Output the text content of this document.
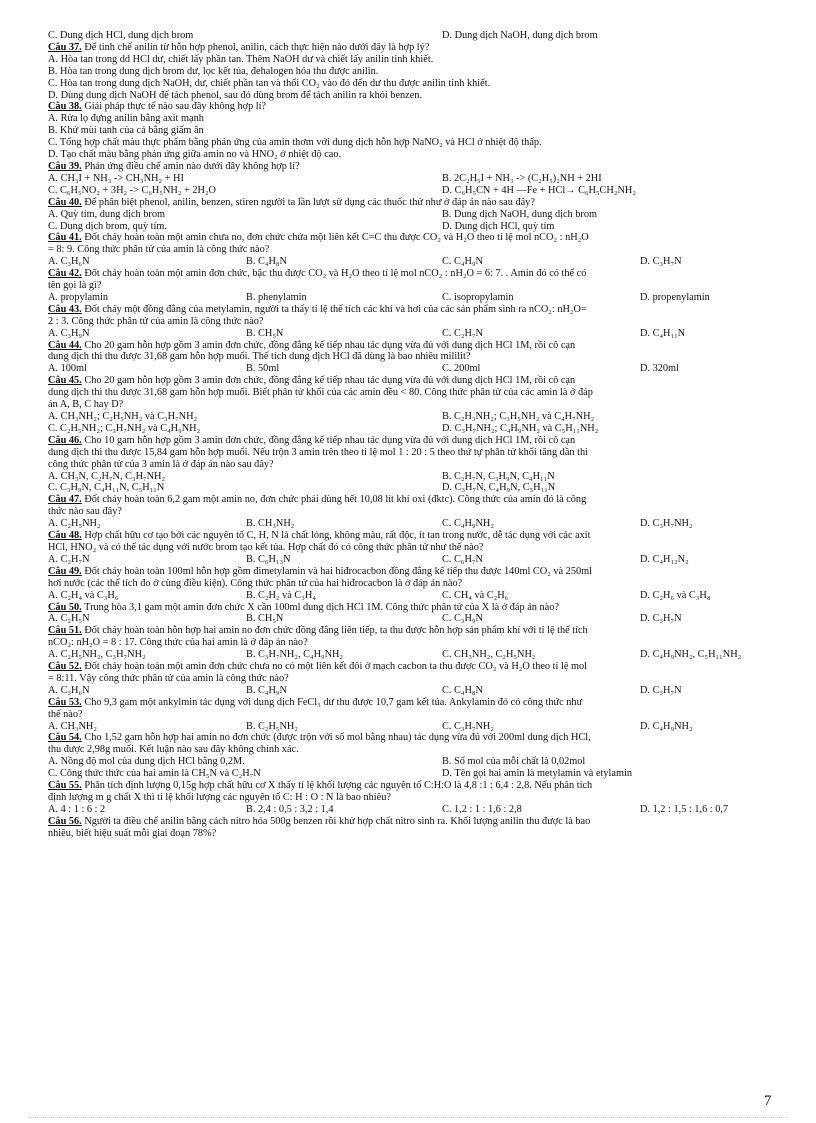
C. Dung dịch HCl, dung dịch brom	D. Dung dịch NaOH, dung dịch brom
Câu 37. Để tinh chế anilin từ hỗn hợp phenol, anilin, cách thực hiện nào dưới đây là hợp lý?
A. Hòa tan trong dd HCl dư, chiết lấy phần tan. Thêm NaOH dư và chiết lấy anilin tinh khiết.
B. Hòa tan trong dung dịch brom dư, lọc kết tủa, đehalogen hóa thu được anilin.
C. Hòa tan trong dung dịch NaOH, dư, chiết phần tan và thổi CO₂ vào đó đến dư thu được anilin tinh khiết.
D. Dùng dung dịch NaOH để tách phenol, sau đó dùng brom để tách anilin ra khỏi benzen.
Câu 38. Giải pháp thực tế nào sau đây không hợp lí?
A. Rửa lọ đựng anilin bằng axit mạnh
B. Khử mùi tanh của cá bằng giấm ăn
C. Tổng hợp chất màu thực phẩm bằng phản ứng của amin thơm với dung dịch hỗn hợp NaNO₂ và HCl ở nhiệt độ thấp.
D. Tạo chất màu bằng phản ứng giữa amin no và HNO₂ ở nhiệt độ cao.
Câu 39. Phản ứng điều chế amin nào dưới đây không hợp lí?
A. CH₃I + NH₃ -> CH₃NH₂ + HI	B. 2C₂H₅I + NH₃ -> (C₂H₅)₂NH + 2HI
C. C₆H₅NO₂ + 3H₂ -> C₆H₅NH₂ + 2H₂O	D. C₆H₅CN + 4H —Fe + HCl→ C₆H₅CH₂NH₂
Câu 40. Để phân biệt phenol, anilin, benzen, stiren người ta lần lượt sử dụng các thuốc thử như ở đáp án nào sau đây?
A. Quỳ tím, dung dịch brom	B. Dung dịch NaOH, dung dịch brom
C. Dung dịch brom, quỳ tím.	D. Dung dịch HCl, quỳ tím
Câu 41. Đốt cháy hoàn toàn một amin chưa no, đơn chức chứa một liên kết C=C thu được CO₂ và H₂O theo tỉ lệ mol nCO₂ : nH₂O
= 8: 9. Công thức phân tử của amin là công thức nào?
A. C₃H₆N	B. C₄H₈N	C. C₄H₉N	D. C₃H₇N
Câu 42. Đốt cháy hoàn toàn một amin đơn chức, bậc thu được CO₂ và H₂O theo tỉ lệ mol nCO₂ : nH₂O = 6: 7. . Amin đó có thể có
tên gọi là gì?
A. propylamin	B. phenylamin	C. isopropylamin	D. propenylamin
Câu 43. Đốt cháy một đồng đẳng của metylamin, người ta thấy tỉ lệ thể tích các khí và hơi của các sản phẩm sinh ra nCO₂: nH₂O=
2 : 3. Công thức phân tử của amin là công thức nào?
A. C₃H₉N	B. CH₅N	C. C₂H₇N	D. C₄H₁₁N
Câu 44. Cho 20 gam hỗn hợp gồm 3 amin đơn chức, đồng đẳng kế tiếp nhau tác dụng vừa đủ với dung dịch HCl 1M, rồi cô cạn
dung dịch thì thu được 31,68 gam hỗn hợp muối. Thể tích dung dịch HCl đã dùng là bao nhiêu mililit?
A. 100ml	B. 50ml	C. 200ml	D. 320ml
Câu 45. Cho 20 gam hỗn hợp gồm 3 amin đơn chức, đồng đẳng kế tiếp nhau tác dụng vừa đủ với dung dịch HCl 1M, rồi cô cạn
dung dịch thì thu được 31,68 gam hỗn hợp muối. Biết phân tử khối của các amin đều < 80. Công thức phân tử của các amin là ở đáp
án A, B, C hay D?
A. CH₃NH₂; C₂H₅NH₂ và C₃H₇NH₂	B. C₂H₃NH₂; C₃H₅NH₂ và C₄H₇NH₂
C. C₂H₅NH₂; C₃H₇NH₂ và C₄H₉NH₂	D. C₃H₇NH₂; C₄H₉NH₂ và C₅H₁₁NH₂
Câu 46. Cho 10 gam hỗn hợp gồm 3 amin đơn chức, đồng đẳng kế tiếp nhau tác dụng vừa đủ với dung dịch HCl 1M, rồi cô cạn
dung dịch thì thu được 15,84 gam hỗn hợp muối. Nếu trộn 3 amin trên theo tỉ lệ mol 1 : 20 : 5 theo thứ tự phân tử khối tăng dần thì
công thức phân tử của 3 amin là ở đáp án nào sau đây?
A. CH₃N, C₂H₇N, C₃H₇NH₂	B. C₂H₇N, C₃H₉N, C₄H₁₁N
C. C₃H₉N, C₄H₁₁N, C₅H₁₁N	D. C₃H₇N, C₄H₉N, C₅H₁₁N
Câu 47. Đốt cháy hoàn toàn 6,2 gam một amin no, đơn chức phải dùng hết 10,08 lít khí oxi (đktc). Công thức của amin đó là công
thức nào sau đây?
A. C₂H₅NH₂	B. CH₃NH₂	C. C₄H₉NH₂	D. C₃H₇NH₂
Câu 48. Hợp chất hữu cơ tạo bởi các nguyên tố C, H, N là chất lỏng, không màu, rất độc, ít tan trong nước, dễ tác dụng với các axit
HCl, HNO₂ và có thể tác dụng với nước brom tạo kết tủa. Hợp chất đó có công thức phân tử như thế nào?
A. C₂H₇N	B. C₆H₁₃N	C. C₆H₇N	D. C₄H₁₂N₂
Câu 49. Đốt cháy hoàn toàn 100ml hỗn hợp gồm đimetylamin và hai hiđrocacbon đồng đẳng kế tiếp thu được 140ml CO₂ và 250ml
hơi nước (các thể tích đo ở cùng điều kiện). Công thức phân tử của hai hiđrocacbon là ở đáp án nào?
A. C₂H₄ và C₃H₆	B. C₂H₂ và C₃H₄	C. CH₄ và C₂H₆	D. C₂H₆ và C₃H₈
Câu 50. Trung hòa 3,1 gam một amin đơn chức X cần 100ml dung dịch HCl 1M. Công thức phân tử của X là ở đáp án nào?
A. C₂H₅N	B. CH₅N	C. C₃H₉N	D. C₃H₇N
Câu 51. Đốt cháy hoàn toàn hỗn hợp hai amin no đơn chức đồng đẳng liên tiếp, ta thu được hỗn hợp sản phẩm khí với tỉ lệ thể tích
nCO₂: nH₂O = 8 : 17. Công thức của hai amin là ở đáp án nào?
A. C₂H₅NH₂, C₃H₇NH₂	B. C₃H₇NH₂, C₄H₉NH₂	C. CH₃NH₂, C₂H₅NH₂	D. C₄H₉NH₂, C₅H₁₁NH₂
Câu 52. Đốt cháy hoàn toàn một amin đơn chức chưa no có một liên kết đôi ở mạch cacbon ta thu được CO₂ và H₂O theo tỉ lệ mol
= 8:11. Vậy công thức phân tử của amin là công thức nào?
A. C₃H₆N	B. C₄H₉N	C. C₄H₈N	D. C₃H₇N
Câu 53. Cho 9,3 gam một ankylmin tác dụng với dung dịch FeCl₃ dư thu được 10,7 gam kết tủa. Ankylamin đó có công thức như
thế nào?
A. CH₃NH₂	B. C₂H₅NH₂	C. C₃H₇NH₂	D. C₄H₉NH₂
Câu 54. Cho 1,52 gam hỗn hợp hai amin no đơn chức (được trộn với số mol bằng nhau) tác dụng vừa đủ với 200ml dung dịch HCl,
thu được 2,98g muối. Kết luận nào sau đây không chính xác.
A. Nồng độ mol của dung dịch HCl bằng 0,2M.	B. Số mol của mỗi chất là 0,02mol
C. Công thức thức của hai amin là CH₅N và C₂H₇N	D. Tên gọi hai amin là metylamin và etylamin
Câu 55. Phân tích định lượng 0,15g hợp chất hữu cơ X thấy tỉ lệ khối lượng các nguyên tố C:H:O là 4,8 :1 : 6,4 : 2,8. Nếu phân tích
định lượng m g chất X thì tỉ lệ khối lượng các nguyên tố C: H : O : N là bao nhiêu?
A. 4 : 1 : 6 : 2	B. 2,4 : 0,5 : 3,2 : 1,4	C. 1,2 : 1 : 1,6 : 2,8	D. 1,2 : 1,5 : 1,6 : 0,7
Câu 56. Người ta điều chế anilin bằng cách nitro hóa 500g benzen rồi khử hợp chất nitro sinh ra. Khối lượng anilin thu được là bao
nhiêu, biết hiệu suất mỗi giai đoạn 78%?
7
